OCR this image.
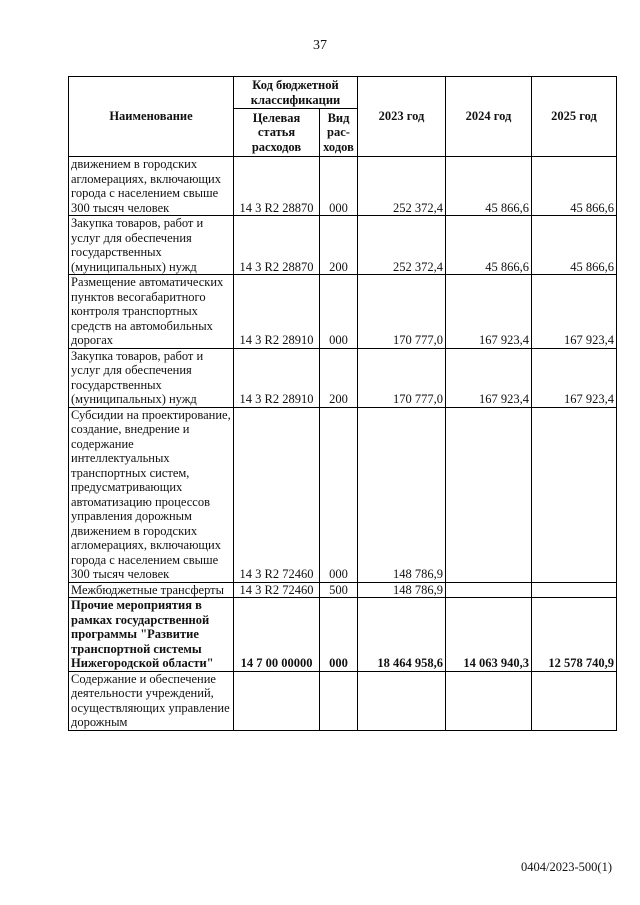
37
Наименование	Код бюджетной классификации		2023 год	2024 год	2025 год
	Целевая статья расходов	Вид рас-ходов			
движением в городских агломерациях, включающих города с населением свыше 300 тысяч человек	14 3 R2 28870	000	252 372,4	45 866,6	45 866,6
Закупка товаров, работ и услуг для обеспечения государственных (муниципальных) нужд	14 3 R2 28870	200	252 372,4	45 866,6	45 866,6
Размещение автоматических пунктов весогабаритного контроля транспортных средств на автомобильных дорогах	14 3 R2 28910	000	170 777,0	167 923,4	167 923,4
Закупка товаров, работ и услуг для обеспечения государственных (муниципальных) нужд	14 3 R2 28910	200	170 777,0	167 923,4	167 923,4
Субсидии на проектирование, создание, внедрение и содержание интеллектуальных транспортных систем, предусматривающих автоматизацию процессов управления дорожным движением в городских агломерациях, включающих города с населением свыше 300 тысяч человек	14 3 R2 72460	000	148 786,9		
Межбюджетные трансферты	14 3 R2 72460	500	148 786,9		
Прочие мероприятия в рамках государственной программы "Развитие транспортной системы Нижегородской области"	14 7 00 00000	000	18 464 958,6	14 063 940,3	12 578 740,9
Содержание и обеспечение деятельности учреждений, осуществляющих управление дорожным					
0404/2023-500(1)
